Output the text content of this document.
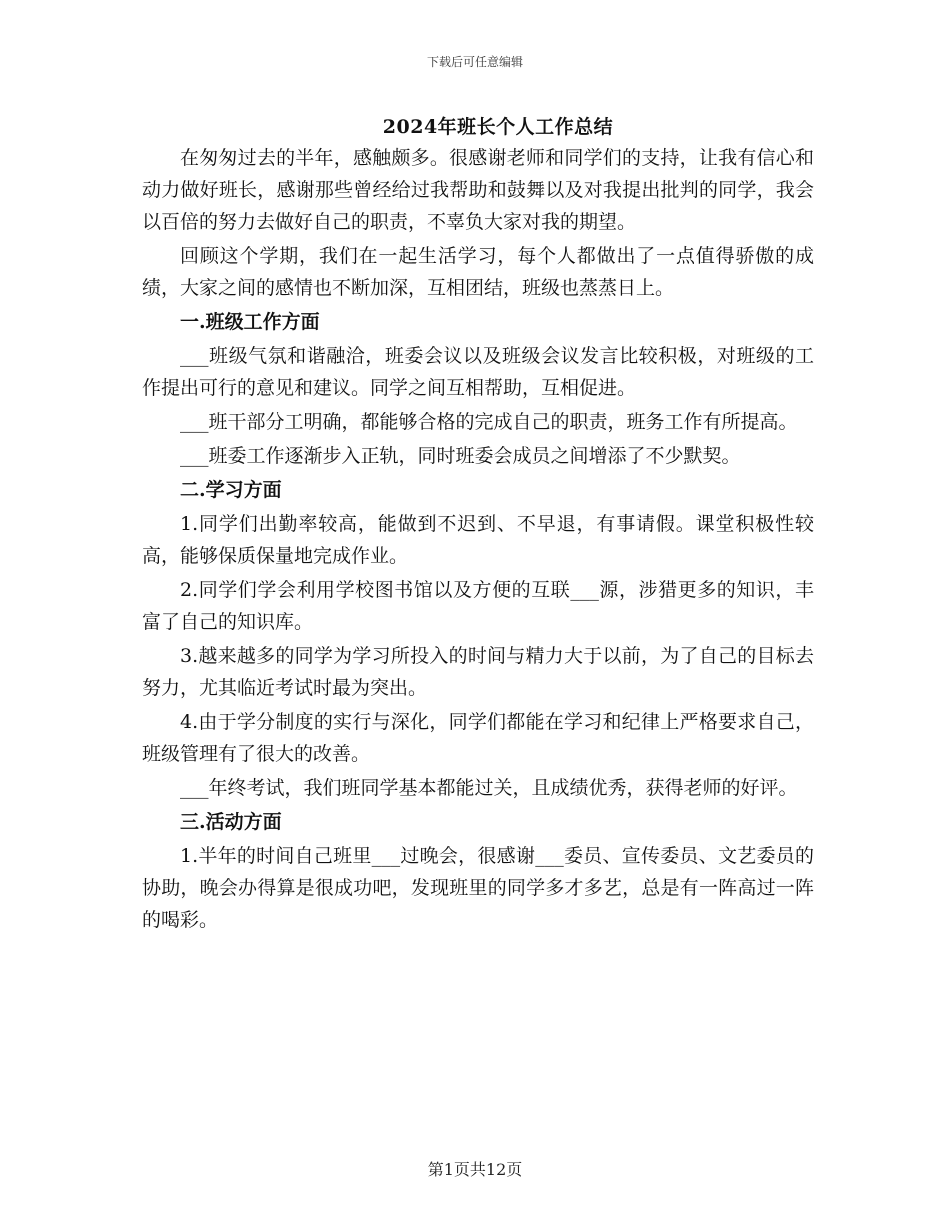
下载后可任意编辑
2024年班长个人工作总结

在匆匆过去的半年，感触颇多。很感谢老师和同学们的支持，让我有信心和动力做好班长，感谢那些曾经给过我帮助和鼓舞以及对我提出批判的同学，我会以百倍的努力去做好自己的职责，不辜负大家对我的期望。

回顾这个学期，我们在一起生活学习，每个人都做出了一点值得骄傲的成绩，大家之间的感情也不断加深，互相团结，班级也蒸蒸日上。

一.班级工作方面

___班级气氛和谐融洽，班委会议以及班级会议发言比较积极，对班级的工作提出可行的意见和建议。同学之间互相帮助，互相促进。

___班干部分工明确，都能够合格的完成自己的职责，班务工作有所提高。

___班委工作逐渐步入正轨，同时班委会成员之间增添了不少默契。

二.学习方面

1.同学们出勤率较高，能做到不迟到、不早退，有事请假。课堂积极性较高，能够保质保量地完成作业。

2.同学们学会利用学校图书馆以及方便的互联___源，涉猎更多的知识，丰富了自己的知识库。

3.越来越多的同学为学习所投入的时间与精力大于以前，为了自己的目标去努力，尤其临近考试时最为突出。

4.由于学分制度的实行与深化，同学们都能在学习和纪律上严格要求自己，班级管理有了很大的改善。

___年终考试，我们班同学基本都能过关，且成绩优秀，获得老师的好评。

三.活动方面

1.半年的时间自己班里___过晚会，很感谢___委员、宣传委员、文艺委员的协助，晚会办得算是很成功吧，发现班里的同学多才多艺，总是有一阵高过一阵的喝彩。

第1页共12页
